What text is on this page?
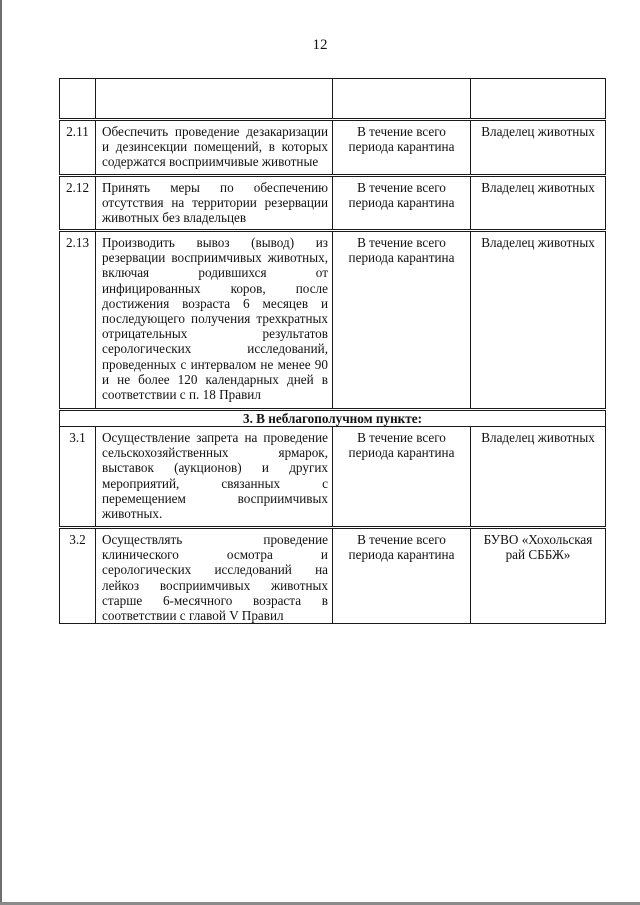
12

2.11	Обеспечить проведение дезакаризации и дезинсекции помещений, в которых содержатся восприимчивые животные	В течение всего периода карантина	Владелец животных
2.12	Принять меры по обеспечению отсутствия на территории резервации животных без владельцев	В течение всего периода карантина	Владелец животных
2.13	Производить вывоз (вывод) из резервации восприимчивых животных, включая родившихся от инфицированных коров, после достижения возраста 6 месяцев и последующего получения трехкратных отрицательных результатов серологических исследований, проведенных с интервалом не менее 90 и не более 120 календарных дней в соответствии с п. 18 Правил	В течение всего периода карантина	Владелец животных
3. В неблагополучном пункте:			
3.1	Осуществление запрета на проведение сельскохозяйственных ярмарок, выставок (аукционов) и других мероприятий, связанных с перемещением восприимчивых животных.	В течение всего периода карантина	Владелец животных
3.2	Осуществлять проведение клинического осмотра и серологических исследований на лейкоз восприимчивых животных старше 6-месячного возраста в соответствии с главой V Правил	В течение всего периода карантина	БУВО «Хохольская рай СББЖ»
